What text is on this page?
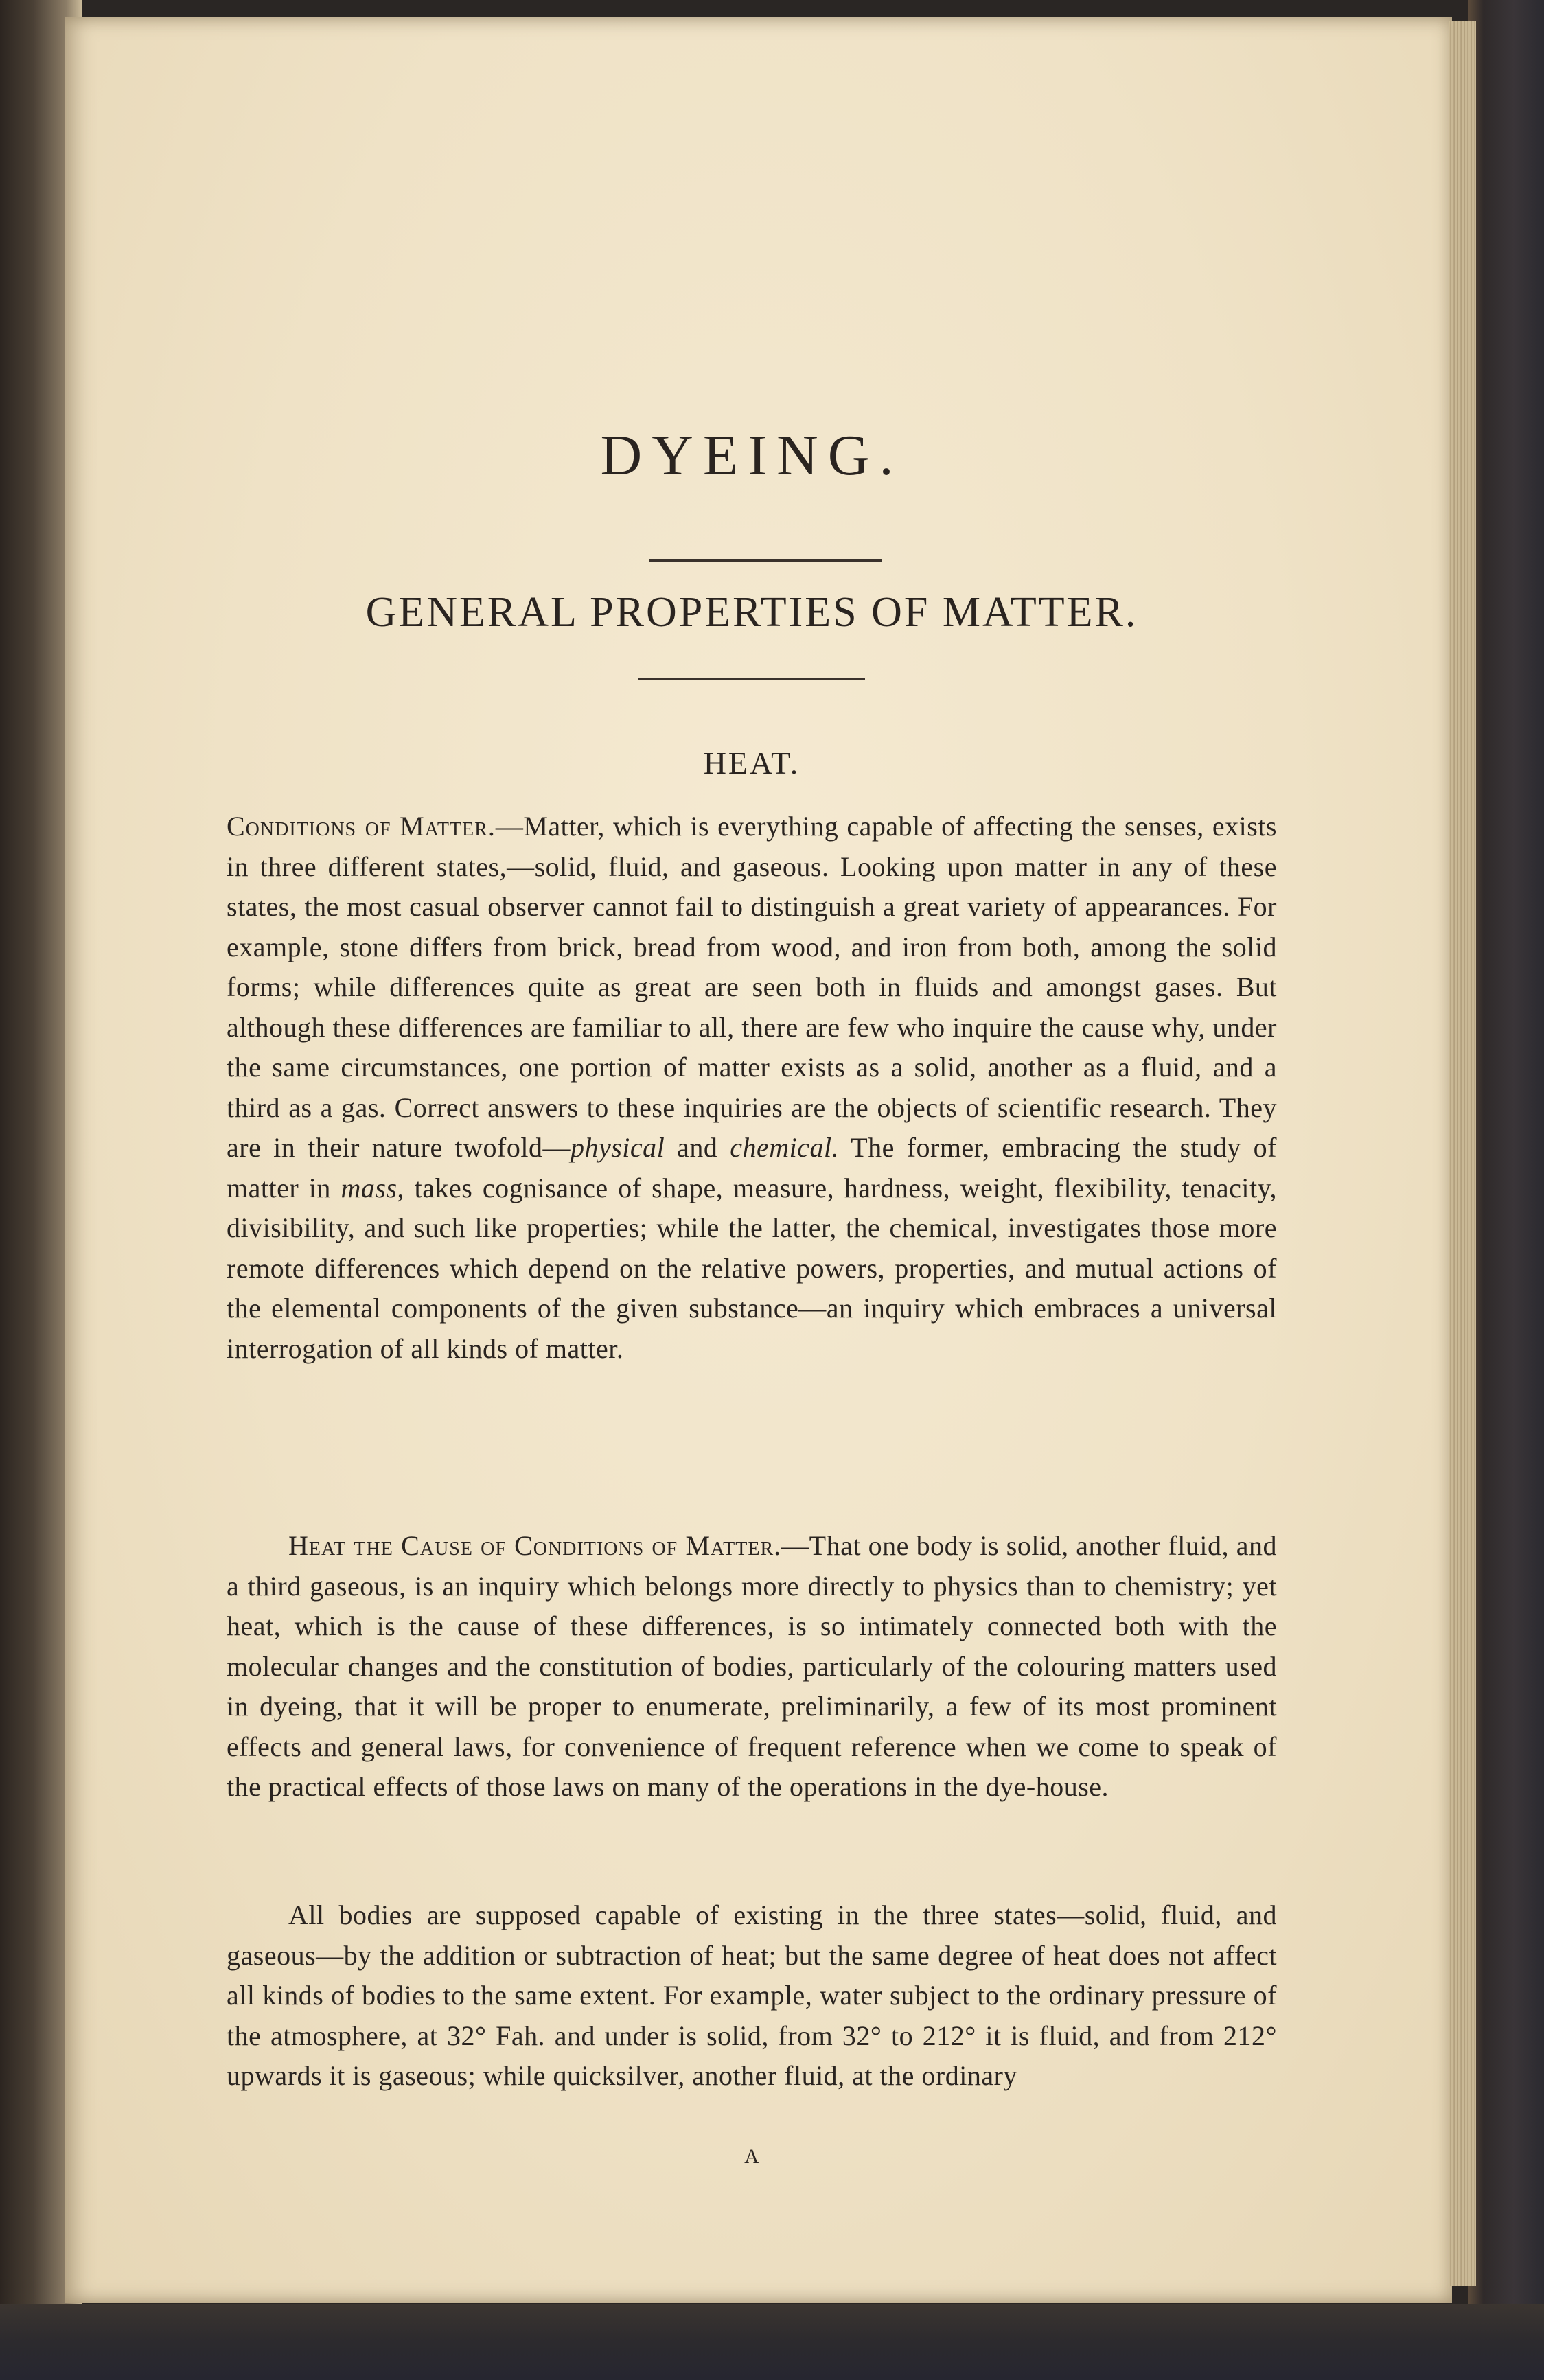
DYEING.
GENERAL PROPERTIES OF MATTER.
HEAT.

Conditions of Matter.—Matter, which is everything capable of affecting the senses, exists in three different states,—solid, fluid, and gaseous. Looking upon matter in any of these states, the most casual observer cannot fail to distinguish a great variety of appearances. For example, stone differs from brick, bread from wood, and iron from both, among the solid forms; while differences quite as great are seen both in fluids and amongst gases. But although these differences are familiar to all, there are few who inquire the cause why, under the same circumstances, one portion of matter exists as a solid, another as a fluid, and a third as a gas. Correct answers to these inquiries are the objects of scientific research. They are in their nature twofold—physical and chemical. The former, embracing the study of matter in mass, takes cognisance of shape, measure, hardness, weight, flexibility, tenacity, divisibility, and such like properties; while the latter, the chemical, investigates those more remote differences which depend on the relative powers, properties, and mutual actions of the elemental components of the given substance—an inquiry which embraces a universal interrogation of all kinds of matter.

Heat the Cause of Conditions of Matter.—That one body is solid, another fluid, and a third gaseous, is an inquiry which belongs more directly to physics than to chemistry; yet heat, which is the cause of these differences, is so intimately connected both with the molecular changes and the constitution of bodies, particularly of the colouring matters used in dyeing, that it will be proper to enumerate, preliminarily, a few of its most prominent effects and general laws, for convenience of frequent reference when we come to speak of the practical effects of those laws on many of the operations in the dye-house.

All bodies are supposed capable of existing in the three states—solid, fluid, and gaseous—by the addition or subtraction of heat; but the same degree of heat does not affect all kinds of bodies to the same extent. For example, water subject to the ordinary pressure of the atmosphere, at 32° Fah. and under is solid, from 32° to 212° it is fluid, and from 212° upwards it is gaseous; while quicksilver, another fluid, at the ordinary

A
